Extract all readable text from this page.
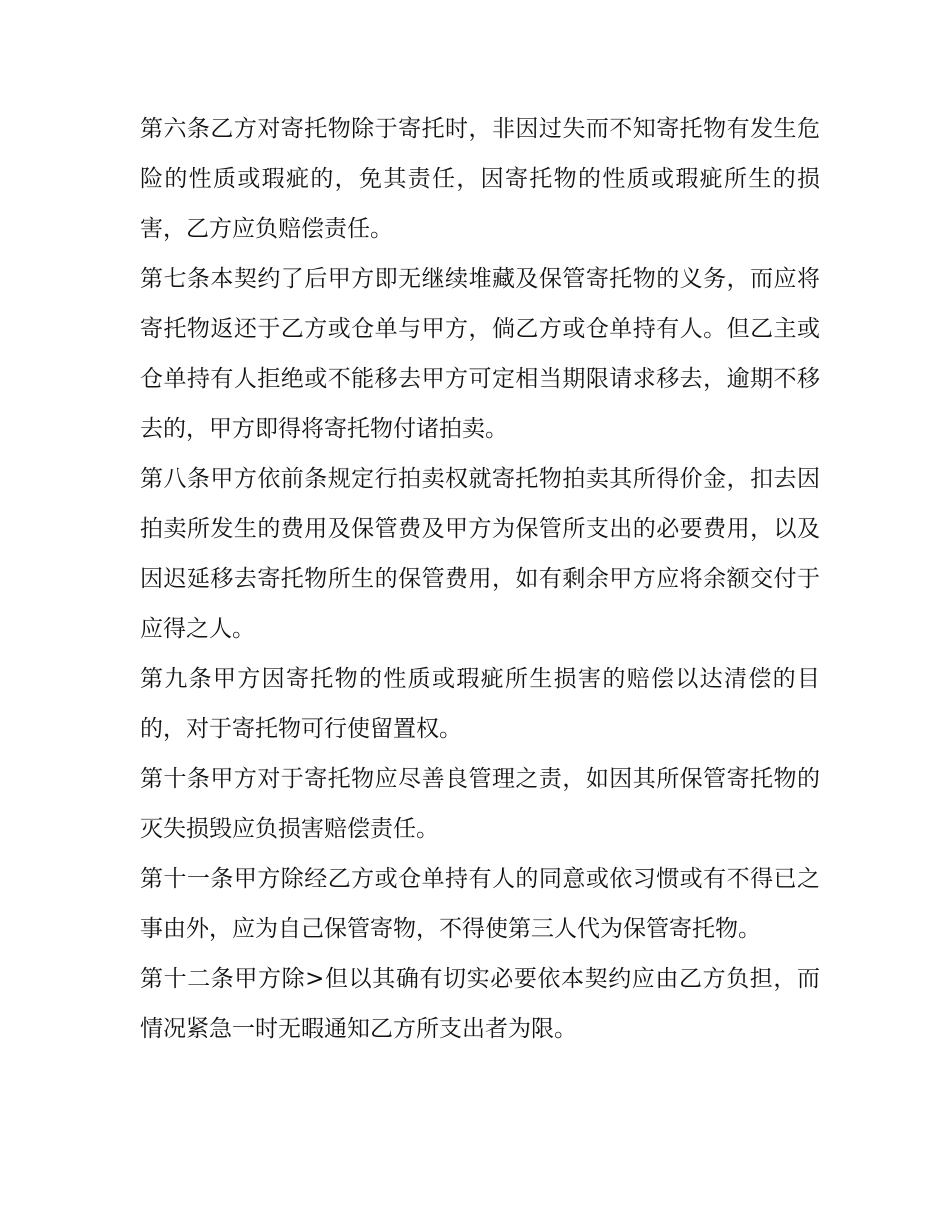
第六条乙方对寄托物除于寄托时，非因过失而不知寄托物有发生危险的性质或瑕疵的，免其责任，因寄托物的性质或瑕疵所生的损害，乙方应负赔偿责任。

第七条本契约了后甲方即无继续堆藏及保管寄托物的义务，而应将寄托物返还于乙方或仓单与甲方，倘乙方或仓单持有人。但乙主或仓单持有人拒绝或不能移去甲方可定相当期限请求移去，逾期不移去的，甲方即得将寄托物付诸拍卖。

第八条甲方依前条规定行拍卖权就寄托物拍卖其所得价金，扣去因拍卖所发生的费用及保管费及甲方为保管所支出的必要费用，以及因迟延移去寄托物所生的保管费用，如有剩余甲方应将余额交付于应得之人。

第九条甲方因寄托物的性质或瑕疵所生损害的赔偿以达清偿的目的，对于寄托物可行使留置权。

第十条甲方对于寄托物应尽善良管理之责，如因其所保管寄托物的灭失损毁应负损害赔偿责任。

第十一条甲方除经乙方或仓单持有人的同意或依习惯或有不得已之事由外，应为自己保管寄物，不得使第三人代为保管寄托物。

第十二条甲方除>但以其确有切实必要依本契约应由乙方负担，而情况紧急一时无暇通知乙方所支出者为限。
